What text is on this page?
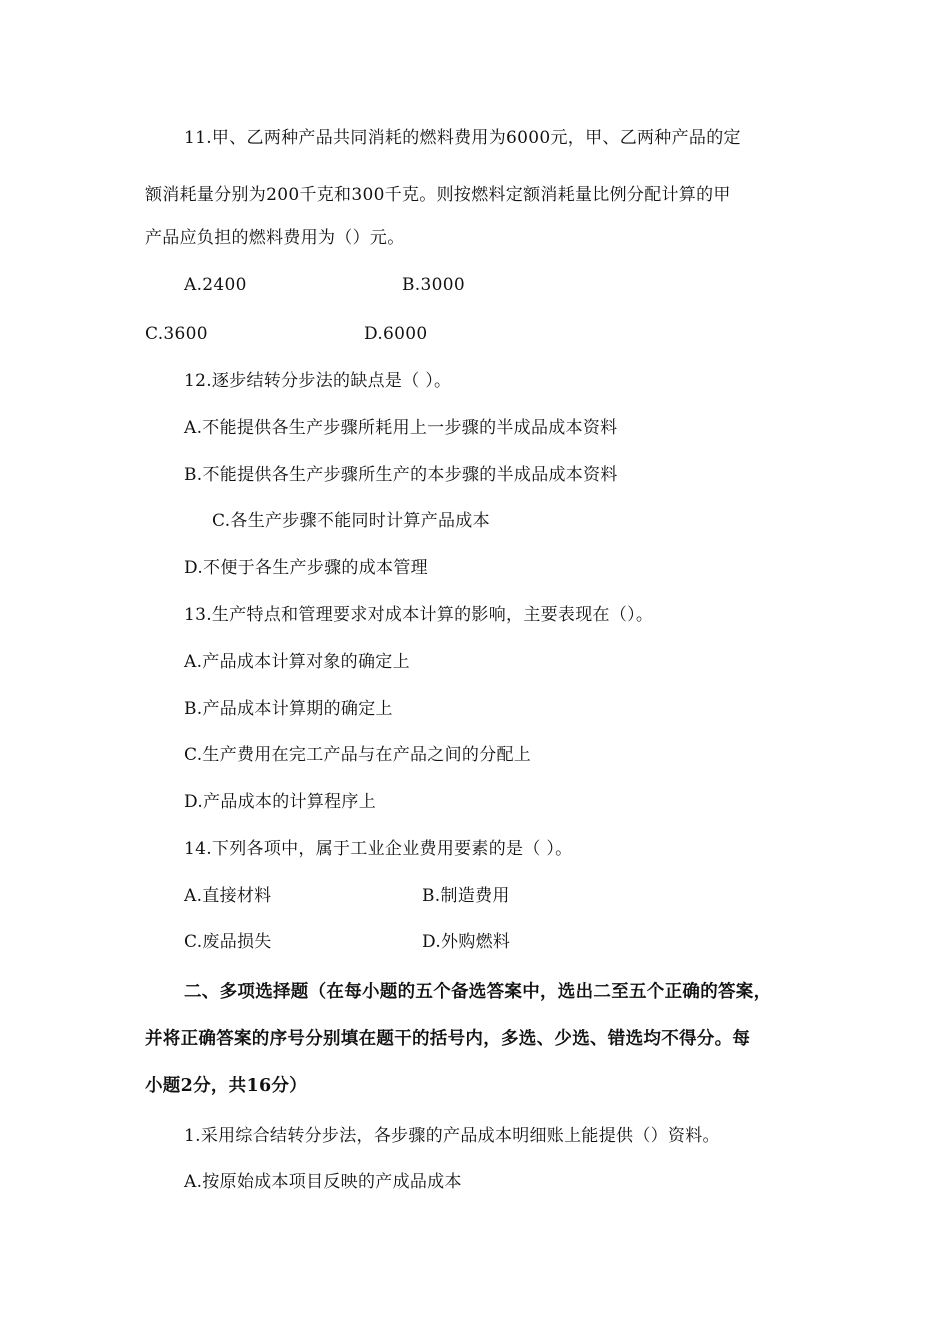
11.甲、乙两种产品共同消耗的燃料费用为6000元，甲、乙两种产品的定
额消耗量分别为200千克和300千克。则按燃料定额消耗量比例分配计算的甲
产品应负担的燃料费用为（）元。
A.2400	B.3000
C.3600	D.6000
12.逐步结转分步法的缺点是（ ）。
A.不能提供各生产步骤所耗用上一步骤的半成品成本资料
B.不能提供各生产步骤所生产的本步骤的半成品成本资料
C.各生产步骤不能同时计算产品成本
D.不便于各生产步骤的成本管理
13.生产特点和管理要求对成本计算的影响，主要表现在（）。
A.产品成本计算对象的确定上
B.产品成本计算期的确定上
C.生产费用在完工产品与在产品之间的分配上
D.产品成本的计算程序上
14.下列各项中，属于工业企业费用要素的是（ ）。
A.直接材料	B.制造费用
C.废品损失	D.外购燃料
二、多项选择题（在每小题的五个备选答案中，选出二至五个正确的答案，
并将正确答案的序号分别填在题干的括号内，多选、少选、错选均不得分。每
小题2分，共16分）
1.采用综合结转分步法，各步骤的产品成本明细账上能提供（）资料。
A.按原始成本项目反映的产成品成本
